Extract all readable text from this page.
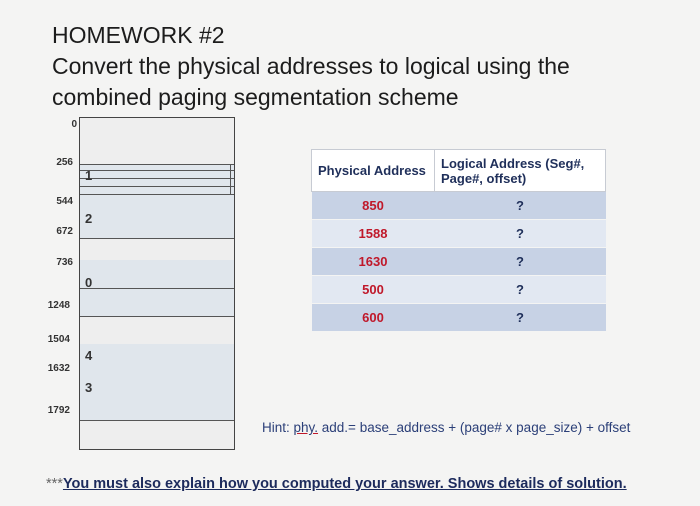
HOMEWORK #2
Convert the physical addresses to logical using the
combined paging segmentation scheme
0
256
544
672
736
1248
1504
1632
1792
1
2
0
4
3
Physical Address	Logical Address (Seg#, Page#, offset)
850	?
1588	?
1630	?
500	?
600	?
Hint: phy. add.= base_address + (page# x page_size) + offset
***You must also explain how you computed your answer. Shows details of solution.
